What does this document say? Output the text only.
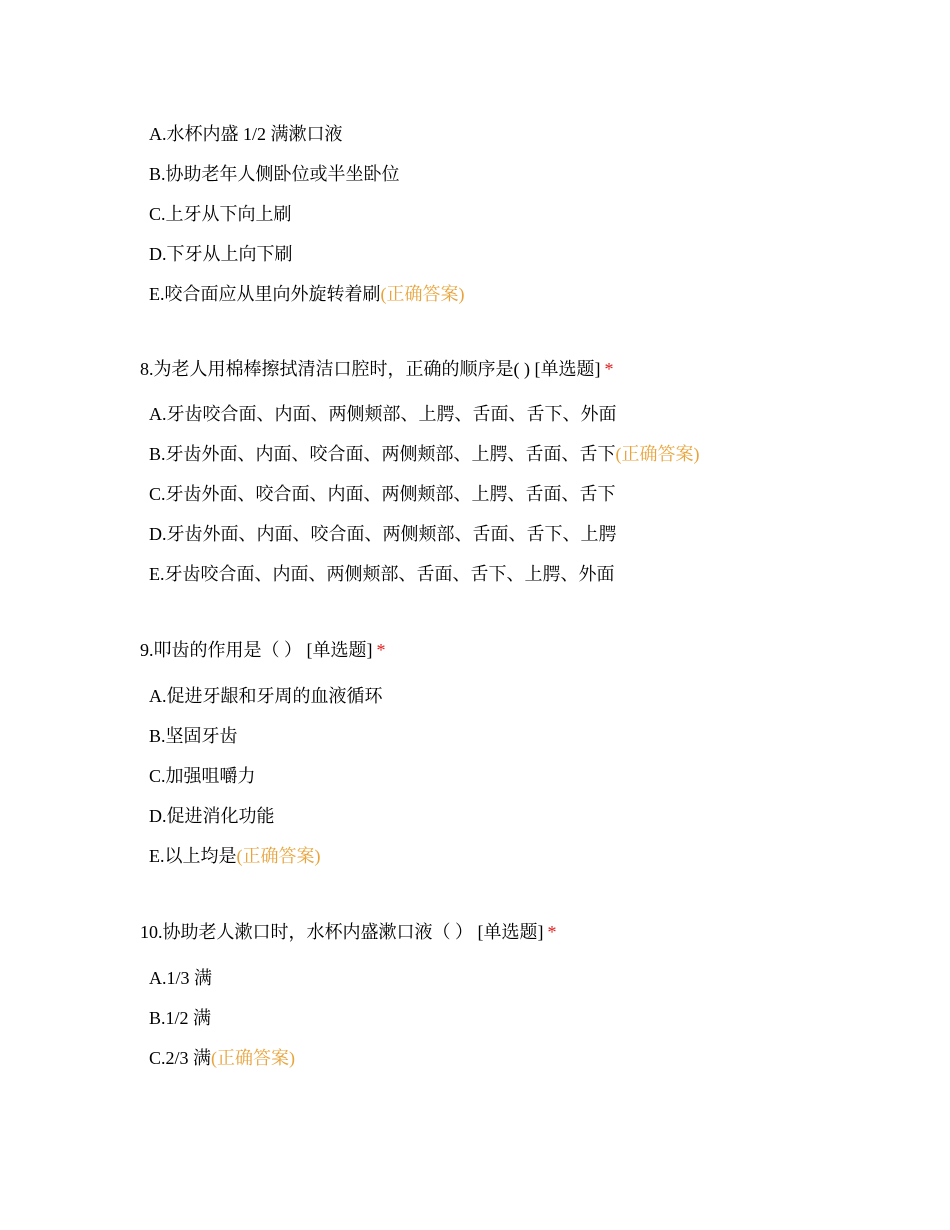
A.水杯内盛 1/2 满漱口液
B.协助老年人侧卧位或半坐卧位
C.上牙从下向上刷
D.下牙从上向下刷
E.咬合面应从里向外旋转着刷(正确答案)
8.为老人用棉棒擦拭清洁口腔时，正确的顺序是( ) [单选题] *
A.牙齿咬合面、内面、两侧颊部、上腭、舌面、舌下、外面
B.牙齿外面、内面、咬合面、两侧颊部、上腭、舌面、舌下(正确答案)
C.牙齿外面、咬合面、内面、两侧颊部、上腭、舌面、舌下
D.牙齿外面、内面、咬合面、两侧颊部、舌面、舌下、上腭
E.牙齿咬合面、内面、两侧颊部、舌面、舌下、上腭、外面
9.叩齿的作用是（ ） [单选题] *
A.促进牙龈和牙周的血液循环
B.坚固牙齿
C.加强咀嚼力
D.促进消化功能
E.以上均是(正确答案)
10.协助老人漱口时，水杯内盛漱口液（ ） [单选题] *
A.1/3 满
B.1/2 满
C.2/3 满(正确答案)
